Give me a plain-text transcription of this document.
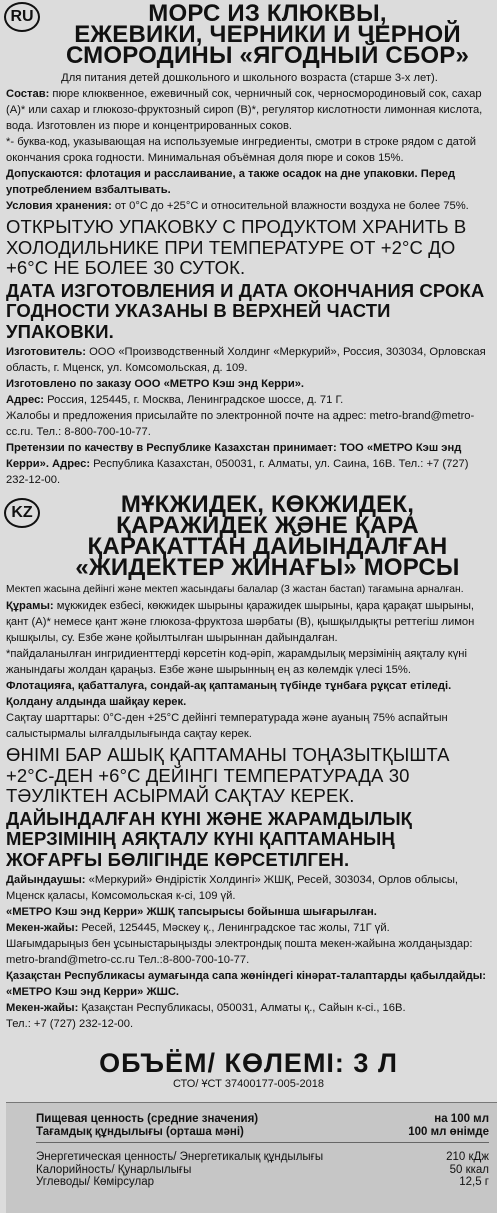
RU	МОРС ИЗ КЛЮКВЫ,
ЕЖЕВИКИ, ЧЕРНИКИ И ЧЕРНОЙ
СМОРОДИНЫ «ЯГОДНЫЙ СБОР»

Для питания детей дошкольного и школьного возраста (старше 3-х лет).

Состав: пюре клюквенное, ежевичный сок, черничный сок, черносмородиновый сок, сахар (А)* или сахар и глюкозо-фруктозный сироп (В)*, регулятор кислотности лимонная кислота, вода. Изготовлен из пюре и концентрированных соков.

*- буква-код, указывающая на используемые ингредиенты, смотри в строке рядом с датой окончания срока годности. Минимальная объёмная доля пюре и соков 15%.

Допускаются: флотация и расслаивание, а также осадок на дне упаковки. Перед употреблением взбалтывать.

Условия хранения: от 0°С до +25°С и относительной влажности воздуха не более 75%.

ОТКРЫТУЮ УПАКОВКУ С ПРОДУКТОМ ХРАНИТЬ В ХОЛОДИЛЬНИКЕ ПРИ ТЕМПЕРАТУРЕ ОТ +2°С ДО +6°С НЕ БОЛЕЕ 30 СУТОК.

ДАТА ИЗГОТОВЛЕНИЯ И ДАТА ОКОНЧАНИЯ СРОКА ГОДНОСТИ УКАЗАНЫ В ВЕРХНЕЙ ЧАСТИ УПАКОВКИ.

Изготовитель: ООО «Производственный Холдинг «Меркурий», Россия, 303034, Орловская область, г. Мценск, ул. Комсомольская, д. 109.

Изготовлено по заказу ООО «МЕТРО Кэш энд Керри».

Адрес: Россия, 125445, г. Москва, Ленинградское шоссе, д. 71 Г.

Жалобы и предложения присылайте по электронной почте на адрес: metro-brand@metro-cc.ru. Тел.: 8-800-700-10-77.

Претензии по качеству в Республике Казахстан принимает: ТОО «МЕТРО Кэш энд Керри». Адрес: Республика Казахстан, 050031, г. Алматы, ул. Саина, 16В. Тел.: +7 (727) 232-12-00.

KZ	МҰКЖИДЕК, КӨКЖИДЕК,
ҚАРАЖИДЕК ЖӘНЕ ҚАРА
ҚАРАҚАТТАН ДАЙЫНДАЛҒАН
«ЖИДЕКТЕР ЖИНАҒЫ» МОРСЫ

Мектеп жасына дейінгі және мектеп жасындағы балалар (3 жастан бастап) тағамына арналған.

Құрамы: мұкжидек езбесі, көкжидек шырыны қаражидек шырыны, қара қарақат шырыны, қант (А)* немесе қант және глюкоза-фруктоза шәрбаты (В), қышқылдықты реттегіш лимон қышқылы, су. Езбе және қойылтылған шырыннан дайындалған.

*пайдаланылған ингридиенттерді көрсетін код-әріп, жарамдылық мерзімінің аяқталу күні жанындағы жолдан қараңыз. Езбе және шырынның ең аз көлемдік үлесі 15%.

Флотацияға, қабатталуға, сондай-ақ қаптаманың түбінде тұнбаға рұқсат етіледі. Қолдану алдында шайқау керек.

Сақтау шарттары: 0°С-ден +25°С дейінгі температурада және ауаның 75% аспайтын салыстырмалы ылғалдылығында сақтау керек.

ӨНІМІ БАР АШЫҚ ҚАПТАМАНЫ ТОҢАЗЫТҚЫШТА +2°С-ДЕН +6°С ДЕЙІНГІ ТЕМПЕРАТУРАДА 30 ТӘУЛІКТЕН АСЫРМАЙ САҚТАУ КЕРЕК.

ДАЙЫНДАЛҒАН КҮНІ ЖӘНЕ ЖАРАМДЫЛЫҚ МЕРЗІМІНІҢ АЯҚТАЛУ КҮНІ ҚАПТАМАНЫҢ ЖОҒАРҒЫ БӨЛІГІНДЕ КӨРСЕТІЛГЕН.

Дайындаушы: «Меркурий» Өндірістік Холдингі» ЖШҚ, Ресей, 303034, Орлов облысы, Мценск қаласы, Комсомольская к-сі, 109 үй.

«МЕТРО Кэш энд Керри» ЖШҚ тапсырысы бойынша шығарылған.

Мекен-жайы: Ресей, 125445, Мәскеу қ., Ленинградское тас жолы, 71Г үй.

Шағымдарыңыз бен ұсыныстарыңызды электрондық пошта мекен-жайына жолдаңыздар: metro-brand@metro-cc.ru Тел.:8-800-700-10-77.

Қазақстан Республикасы аумағында сапа жөніндегі кінәрат-талаптарды қабылдайды: «МЕТРО Кэш энд Керри» ЖШС.

Мекен-жайы: Қазақстан Республикасы, 050031, Алматы қ., Сайын к-сі., 16В.

Тел.: +7 (727) 232-12-00.

ОБЪЁМ/ КӨЛЕМІ: 3 Л

СТО/ ҰСТ 37400177-005-2018

Пищевая ценность (средние значения)	на 100 мл
Тағамдық құндылығы (орташа мәні)	100 мл өнімде
Энергетическая ценность/ Энергетикалық құндылығы	210 кДж
Калорийность/ Қунарлылығы	50 ккал
Углеводы/ Көмірсулар	12,5 г
